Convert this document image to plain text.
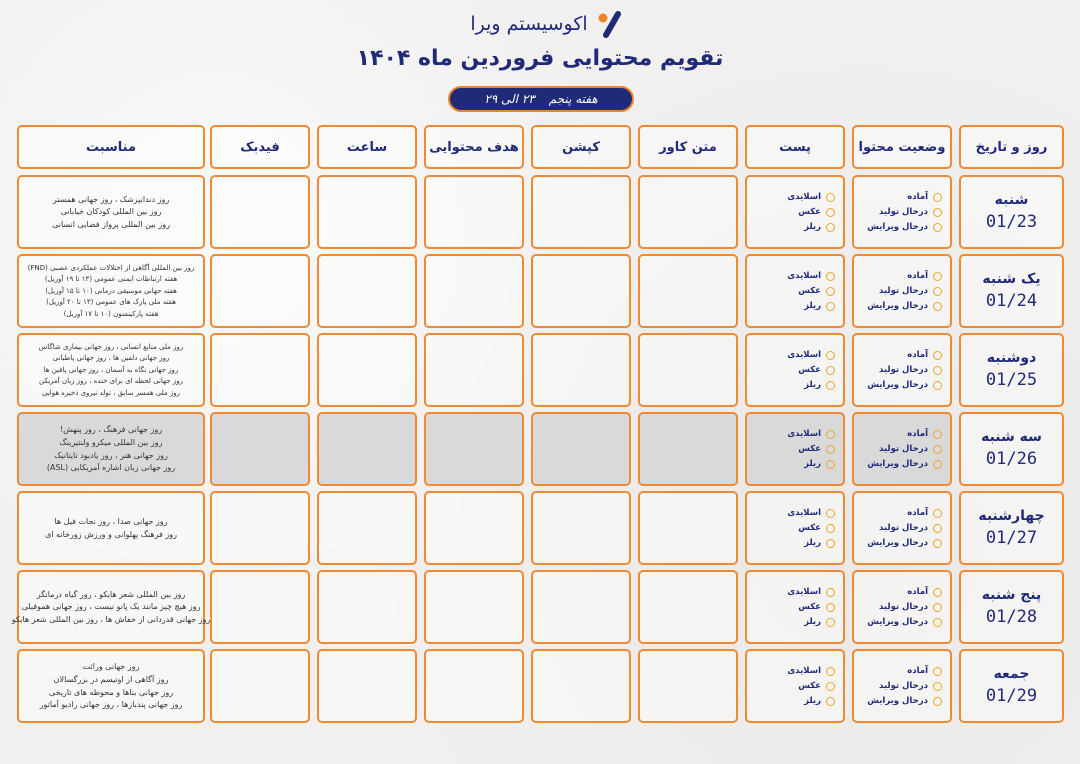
اکوسیستم ویرا
تقویم محتوایی فروردین ماه ۱۴۰۴
هفته پنجم
۲۳ الی ۲۹
روز و تاریخ
وضعیت محتوا
پست
متن کاور
کپشن
هدف محتوایی
ساعت
فیدبک
مناسبت
شنبه
01/23
آماده
درحال تولید
درحال ویرایش
اسلایدی
عکس
ریلز
روز دندانپزشک ، روز جهانی همستر
روز بین المللی کودکان خیابانی
روز بین المللی پرواز فضایی انسانی
یک شنبه
01/24
آماده
درحال تولید
درحال ویرایش
اسلایدی
عکس
ریلز
روز بین المللی آگاهی از اختلالات عملکردی عصبی (FND)
هفته ارتباطات ایمنی عمومی (۱۳ تا ۱۹ آوریل)
هفته جهانی موسیقی درمانی (۱۰ تا ۱۵ آوریل)
هفته ملی پارک های عمومی (۱۳ تا ۲۰ آوریل)
هفته پارکینسون (۱۰ تا ۱۷ آوریل)
دوشنبه
01/25
آماده
درحال تولید
درحال ویرایش
اسلایدی
عکس
ریلز
روز ملی منابع انسانی ، روز جهانی بیماری شاگاس
روز جهانی دلفین ها ، روز جهانی پاطبانی
روز جهانی نگاه به آسمان ، روز جهانی پافین ها
روز جهانی لحظه ای برای خنده ، روز زبان آمریکن
روز ملی همسر سابق ، تولد نیروی ذخیره هوایی
سه شنبه
01/26
آماده
درحال تولید
درحال ویرایش
اسلایدی
عکس
ریلز
روز جهانی فرهنگ ، روز پنهش!
روز بین المللی میکرو ولنتیرینگ
روز جهانی هنر ، روز یادبود تایتانیک
روز جهانی زبان اشاره آمریکایی (ASL)
چهارشنبه
01/27
آماده
درحال تولید
درحال ویرایش
اسلایدی
عکس
ریلز
روز جهانی صدا ، روز نجات فیل ها
روز فرهنگ پهلوانی و ورزش زورخانه ای
پنج شنبه
01/28
آماده
درحال تولید
درحال ویرایش
اسلایدی
عکس
ریلز
روز بین المللی شعر هایکو ، روز گیاه درمانگر
روز هیچ چیز مانند یک پانو نیست ، روز جهانی هموفیلی
روز جهانی قدردانی از خفاش ها ، روز بین المللی شعر هایکو
جمعه
01/29
آماده
درحال تولید
درحال ویرایش
اسلایدی
عکس
ریلز
روز جهانی وراثت
روز آگاهی از اوتیسم در بزرگسالان
روز جهانی بناها و محوطه های تاریخی
روز جهانی پندبازها ، روز جهانی رادیو آماتور
